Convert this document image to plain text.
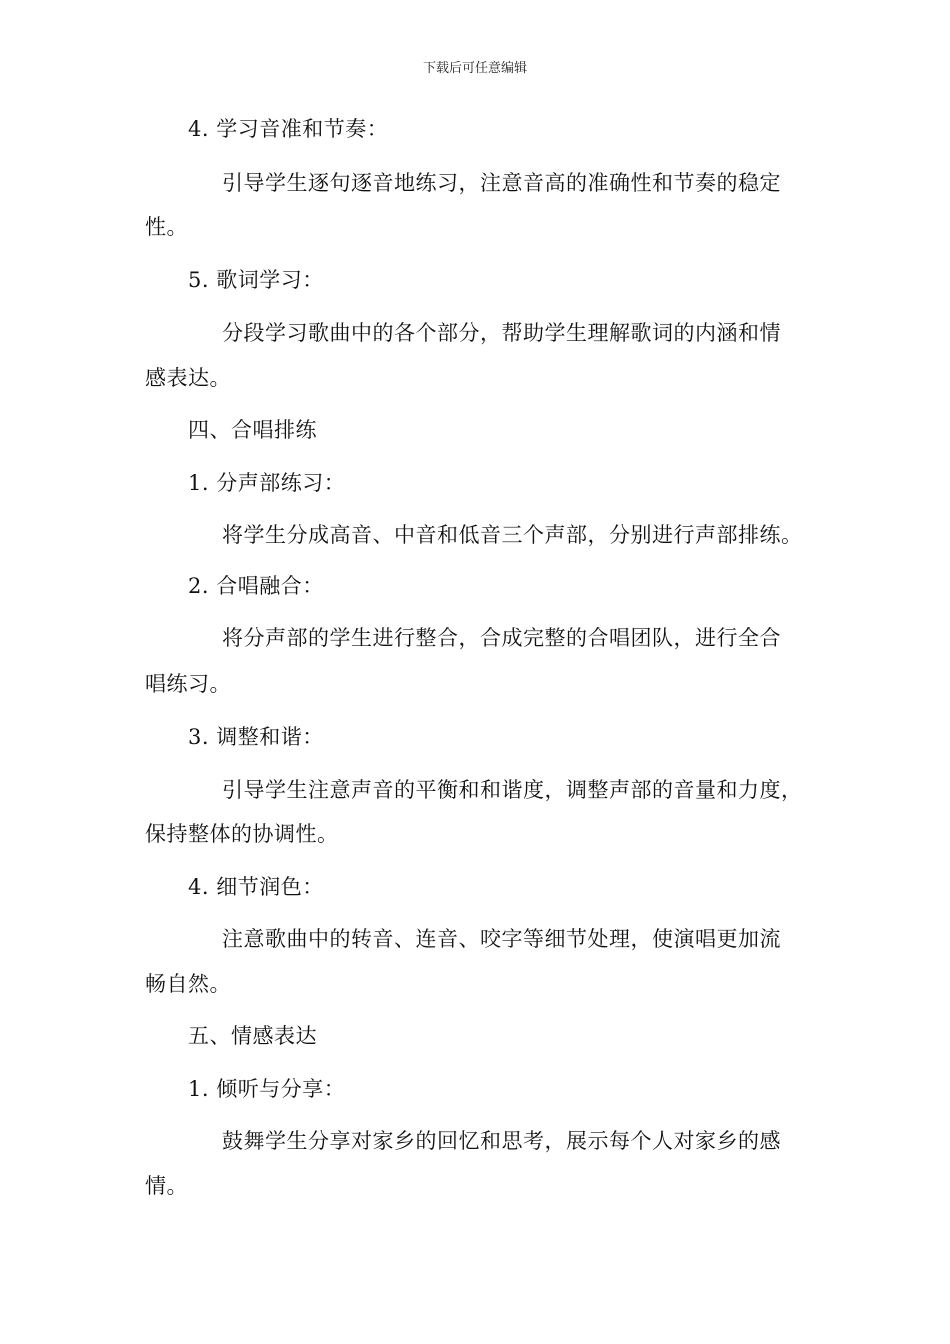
下载后可任意编辑
4. 学习音准和节奏：
引导学生逐句逐音地练习，注意音高的准确性和节奏的稳定
性。
5. 歌词学习：
分段学习歌曲中的各个部分，帮助学生理解歌词的内涵和情
感表达。
四、合唱排练
1. 分声部练习：
将学生分成高音、中音和低音三个声部，分别进行声部排练。
2. 合唱融合：
将分声部的学生进行整合，合成完整的合唱团队，进行全合
唱练习。
3. 调整和谐：
引导学生注意声音的平衡和和谐度，调整声部的音量和力度，
保持整体的协调性。
4. 细节润色：
注意歌曲中的转音、连音、咬字等细节处理，使演唱更加流
畅自然。
五、情感表达
1. 倾听与分享：
鼓舞学生分享对家乡的回忆和思考，展示每个人对家乡的感
情。
